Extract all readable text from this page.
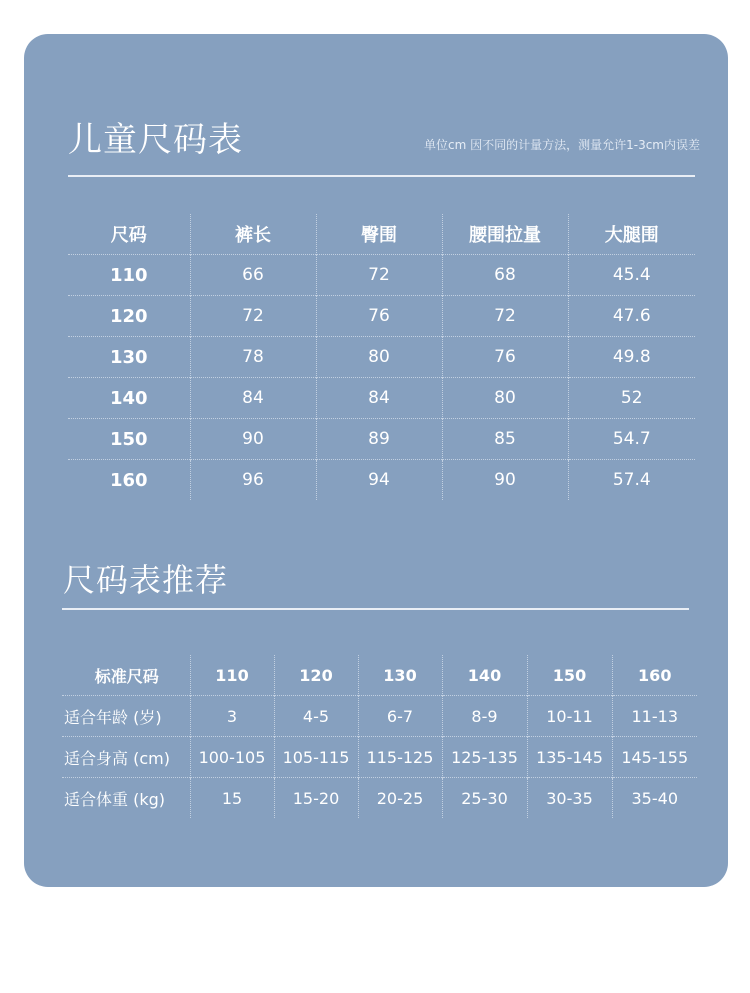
儿童尺码表	单位cm 因不同的计量方法，测量允许1-3cm内误差
尺码	裤长	臀围	腰围拉量	大腿围
110	66	72	68	45.4
120	72	76	72	47.6
130	78	80	76	49.8
140	84	84	80	52
150	90	89	85	54.7
160	96	94	90	57.4
尺码表推荐
标准尺码	110	120	130	140	150	160
适合年龄 (岁)	3	4-5	6-7	8-9	10-11	11-13
适合身高 (cm)	100-105	105-115	115-125	125-135	135-145	145-155
适合体重 (kg)	15	15-20	20-25	25-30	30-35	35-40
